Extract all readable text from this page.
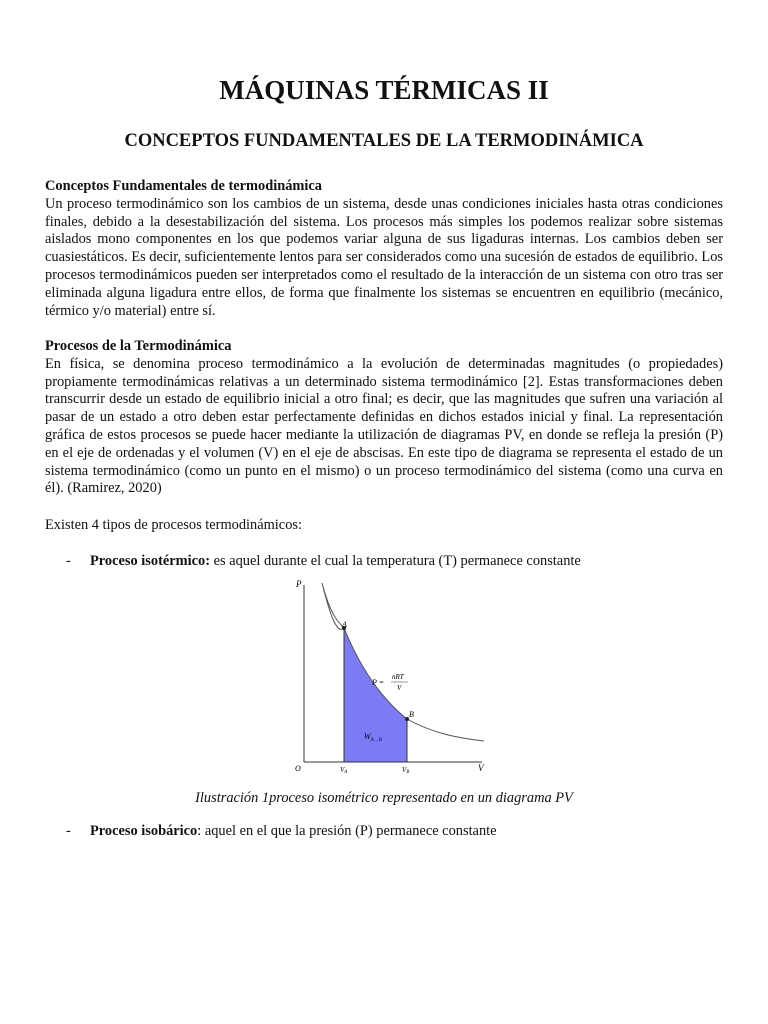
MÁQUINAS TÉRMICAS II
CONCEPTOS FUNDAMENTALES DE LA TERMODINÁMICA
Conceptos Fundamentales de termodinámica

Un proceso termodinámico son los cambios de un sistema, desde unas condiciones iniciales hasta otras condiciones finales, debido a la desestabilización del sistema. Los procesos más simples los podemos realizar sobre sistemas aislados mono componentes en los que podemos variar alguna de sus ligaduras internas. Los cambios deben ser cuasiestáticos. Es decir, suficientemente lentos para ser considerados como una sucesión de estados de equilibrio. Los procesos termodinámicos pueden ser interpretados como el resultado de la interacción de un sistema con otro tras ser eliminada alguna ligadura entre ellos, de forma que finalmente los sistemas se encuentren en equilibrio (mecánico, térmico y/o material) entre sí.

Procesos de la Termodinámica

En física, se denomina proceso termodinámico a la evolución de determinadas magnitudes (o propiedades) propiamente termodinámicas relativas a un determinado sistema termodinámico [2]. Estas transformaciones deben transcurrir desde un estado de equilibrio inicial a otro final; es decir, que las magnitudes que sufren una variación al pasar de un estado a otro deben estar perfectamente definidas en dichos estados inicial y final. La representación gráfica de estos procesos se puede hacer mediante la utilización de diagramas PV, en donde se refleja la presión (P) en el eje de ordenadas y el volumen (V) en el eje de abscisas. En este tipo de diagrama se representa el estado de un sistema termodinámico (como un punto en el mismo) o un proceso termodinámico del sistema (como una curva en él). (Ramirez, 2020)

Existen 4 tipos de procesos termodinámicos:

- Proceso isotérmico: es aquel durante el cual la temperatura (T) permanece constante

P
V
O
A
B
VA	VB
P =
nRT
V
$W_{A\to B}$

Ilustración 1proceso isométrico representado en un diagrama PV

- Proceso isobárico: aquel en el que la presión (P) permanece constante
